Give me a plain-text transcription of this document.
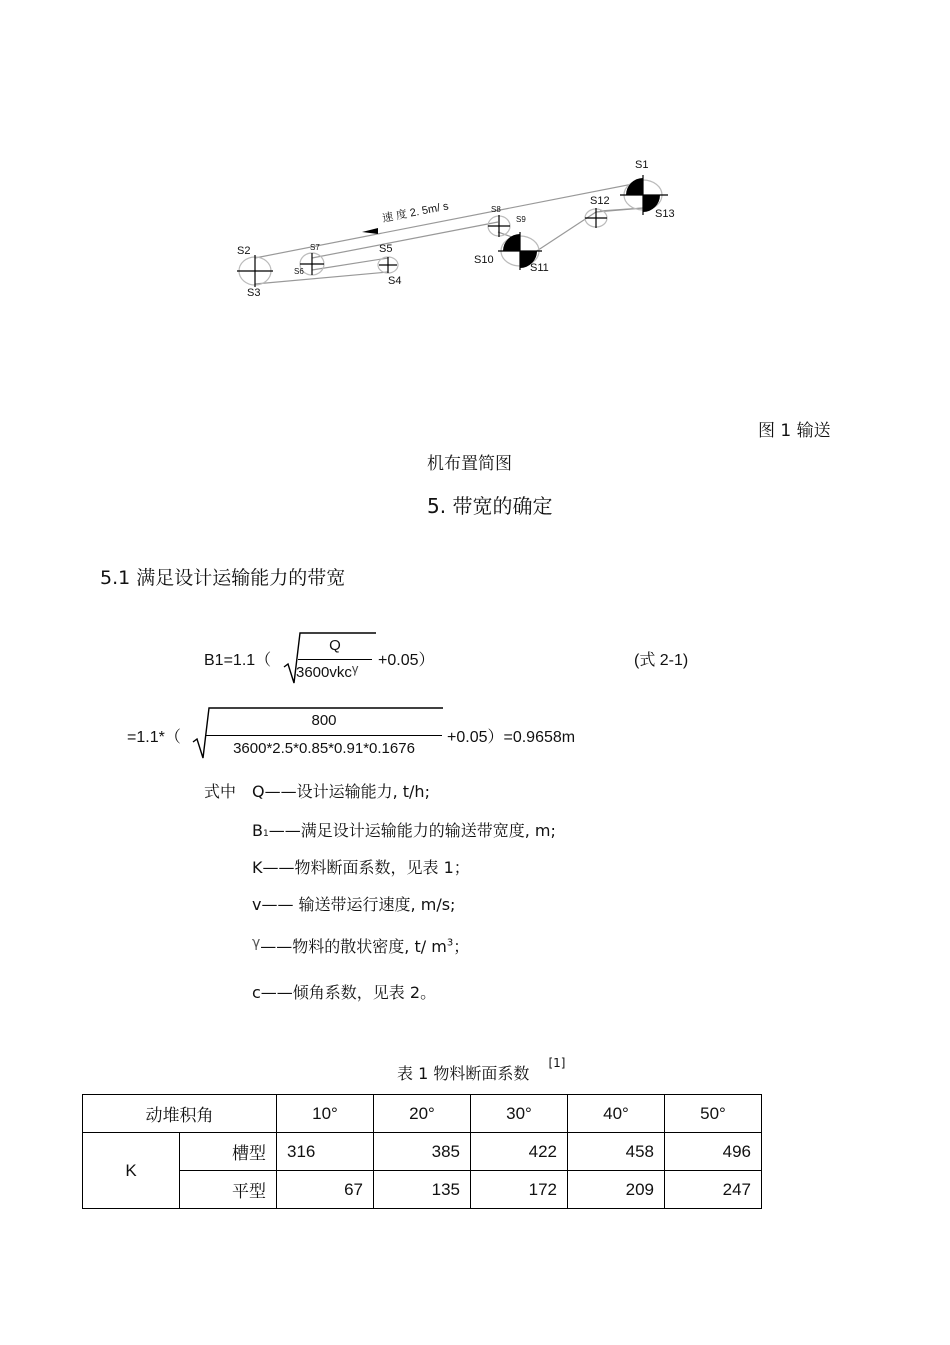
速 度 2. 5m/ s
S1
S2
S3
S4
S5
S6
S7
S8
S9
S10
S11
S12
S13
图 1 输送
机布置简图
5. 带宽的确定
5.1 满足设计运输能力的带宽
B1=1.1（
Q
3600vkcγ	+0.05）	(式 2-1)
=1.1*（
800
3600*2.5*0.85*0.91*0.1676
+0.05）=0.9658m
式中 Q——设计运输能力, t/h;
B1——满足设计运输能力的输送带宽度, m;
K——物料断面系数，见表 1；
v—— 输送带运行速度, m/s;
γ——物料的散状密度, t/ $m^3$；
c——倾角系数，见表 2。
表 1 物料断面系数 [1]
动堆积角		10°	20°	30°	40°	50°
K	槽型	316	385	422	458	496
	平型	67	135	172	209	247
